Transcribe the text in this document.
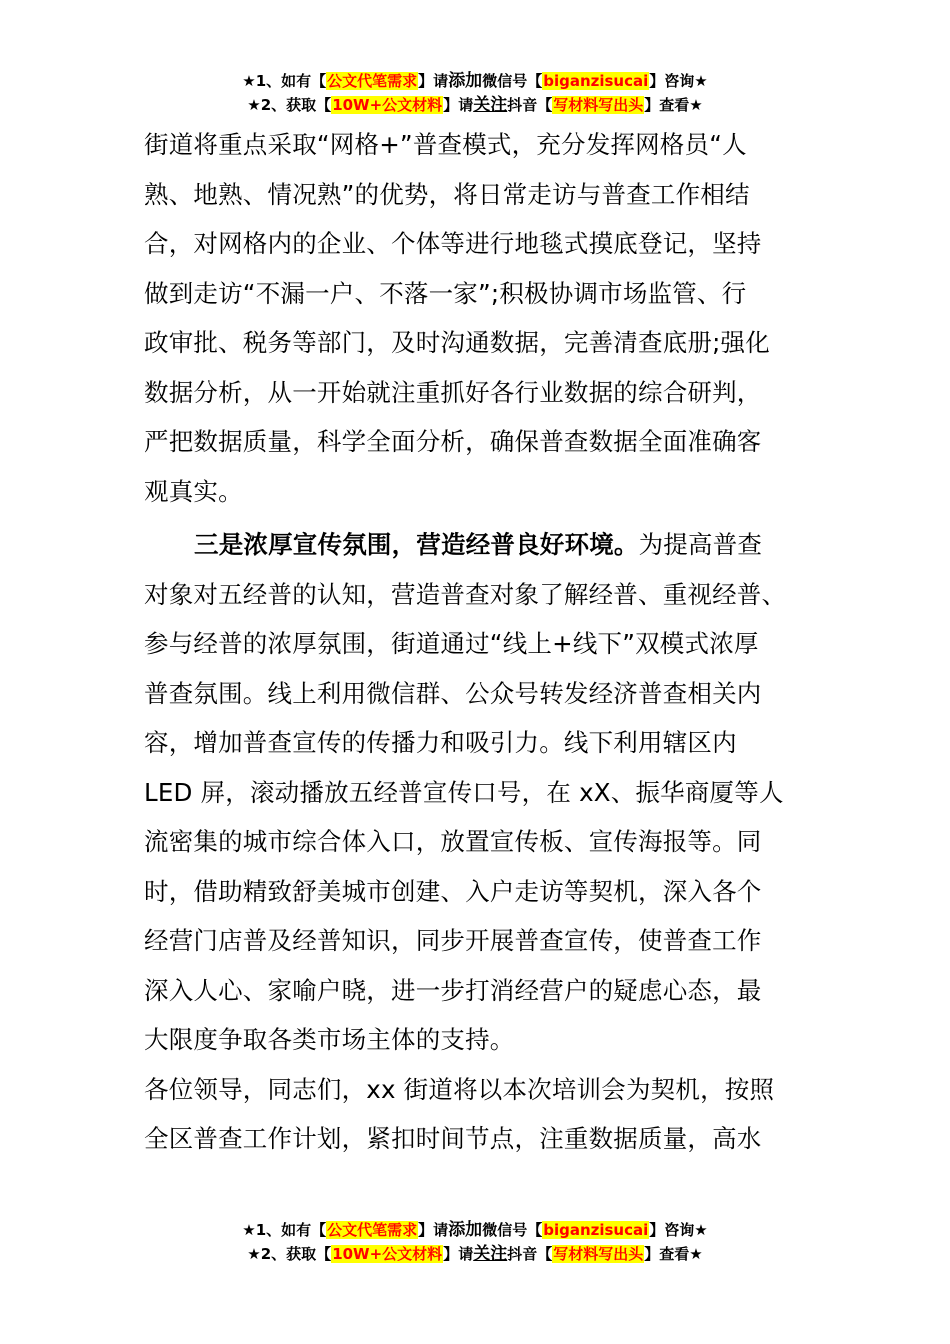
★1、如有【公文代笔需求】请添加微信号【biganzisucai】咨询★
★2、获取【10W+公文材料】请关注抖音【写材料写出头】查看★

街道将重点采取“网格+”普查模式，充分发挥网格员“人
熟、地熟、情况熟”的优势，将日常走访与普查工作相结
合，对网格内的企业、个体等进行地毯式摸底登记，坚持
做到走访“不漏一户、不落一家”;积极协调市场监管、行
政审批、税务等部门，及时沟通数据，完善清查底册;强化
数据分析，从一开始就注重抓好各行业数据的综合研判，
严把数据质量，科学全面分析，确保普查数据全面准确客
观真实。

三是浓厚宣传氛围，营造经普良好环境。为提高普查
对象对五经普的认知，营造普查对象了解经普、重视经普、
参与经普的浓厚氛围，街道通过“线上+线下”双模式浓厚
普查氛围。线上利用微信群、公众号转发经济普查相关内
容，增加普查宣传的传播力和吸引力。线下利用辖区内
LED 屏，滚动播放五经普宣传口号，在 xX、振华商厦等人
流密集的城市综合体入口，放置宣传板、宣传海报等。同
时，借助精致舒美城市创建、入户走访等契机，深入各个
经营门店普及经普知识，同步开展普查宣传，使普查工作
深入人心、家喻户晓，进一步打消经营户的疑虑心态，最
大限度争取各类市场主体的支持。

各位领导，同志们，xx 街道将以本次培训会为契机，按照
全区普查工作计划，紧扣时间节点，注重数据质量，高水

★1、如有【公文代笔需求】请添加微信号【biganzisucai】咨询★
★2、获取【10W+公文材料】请关注抖音【写材料写出头】查看★
